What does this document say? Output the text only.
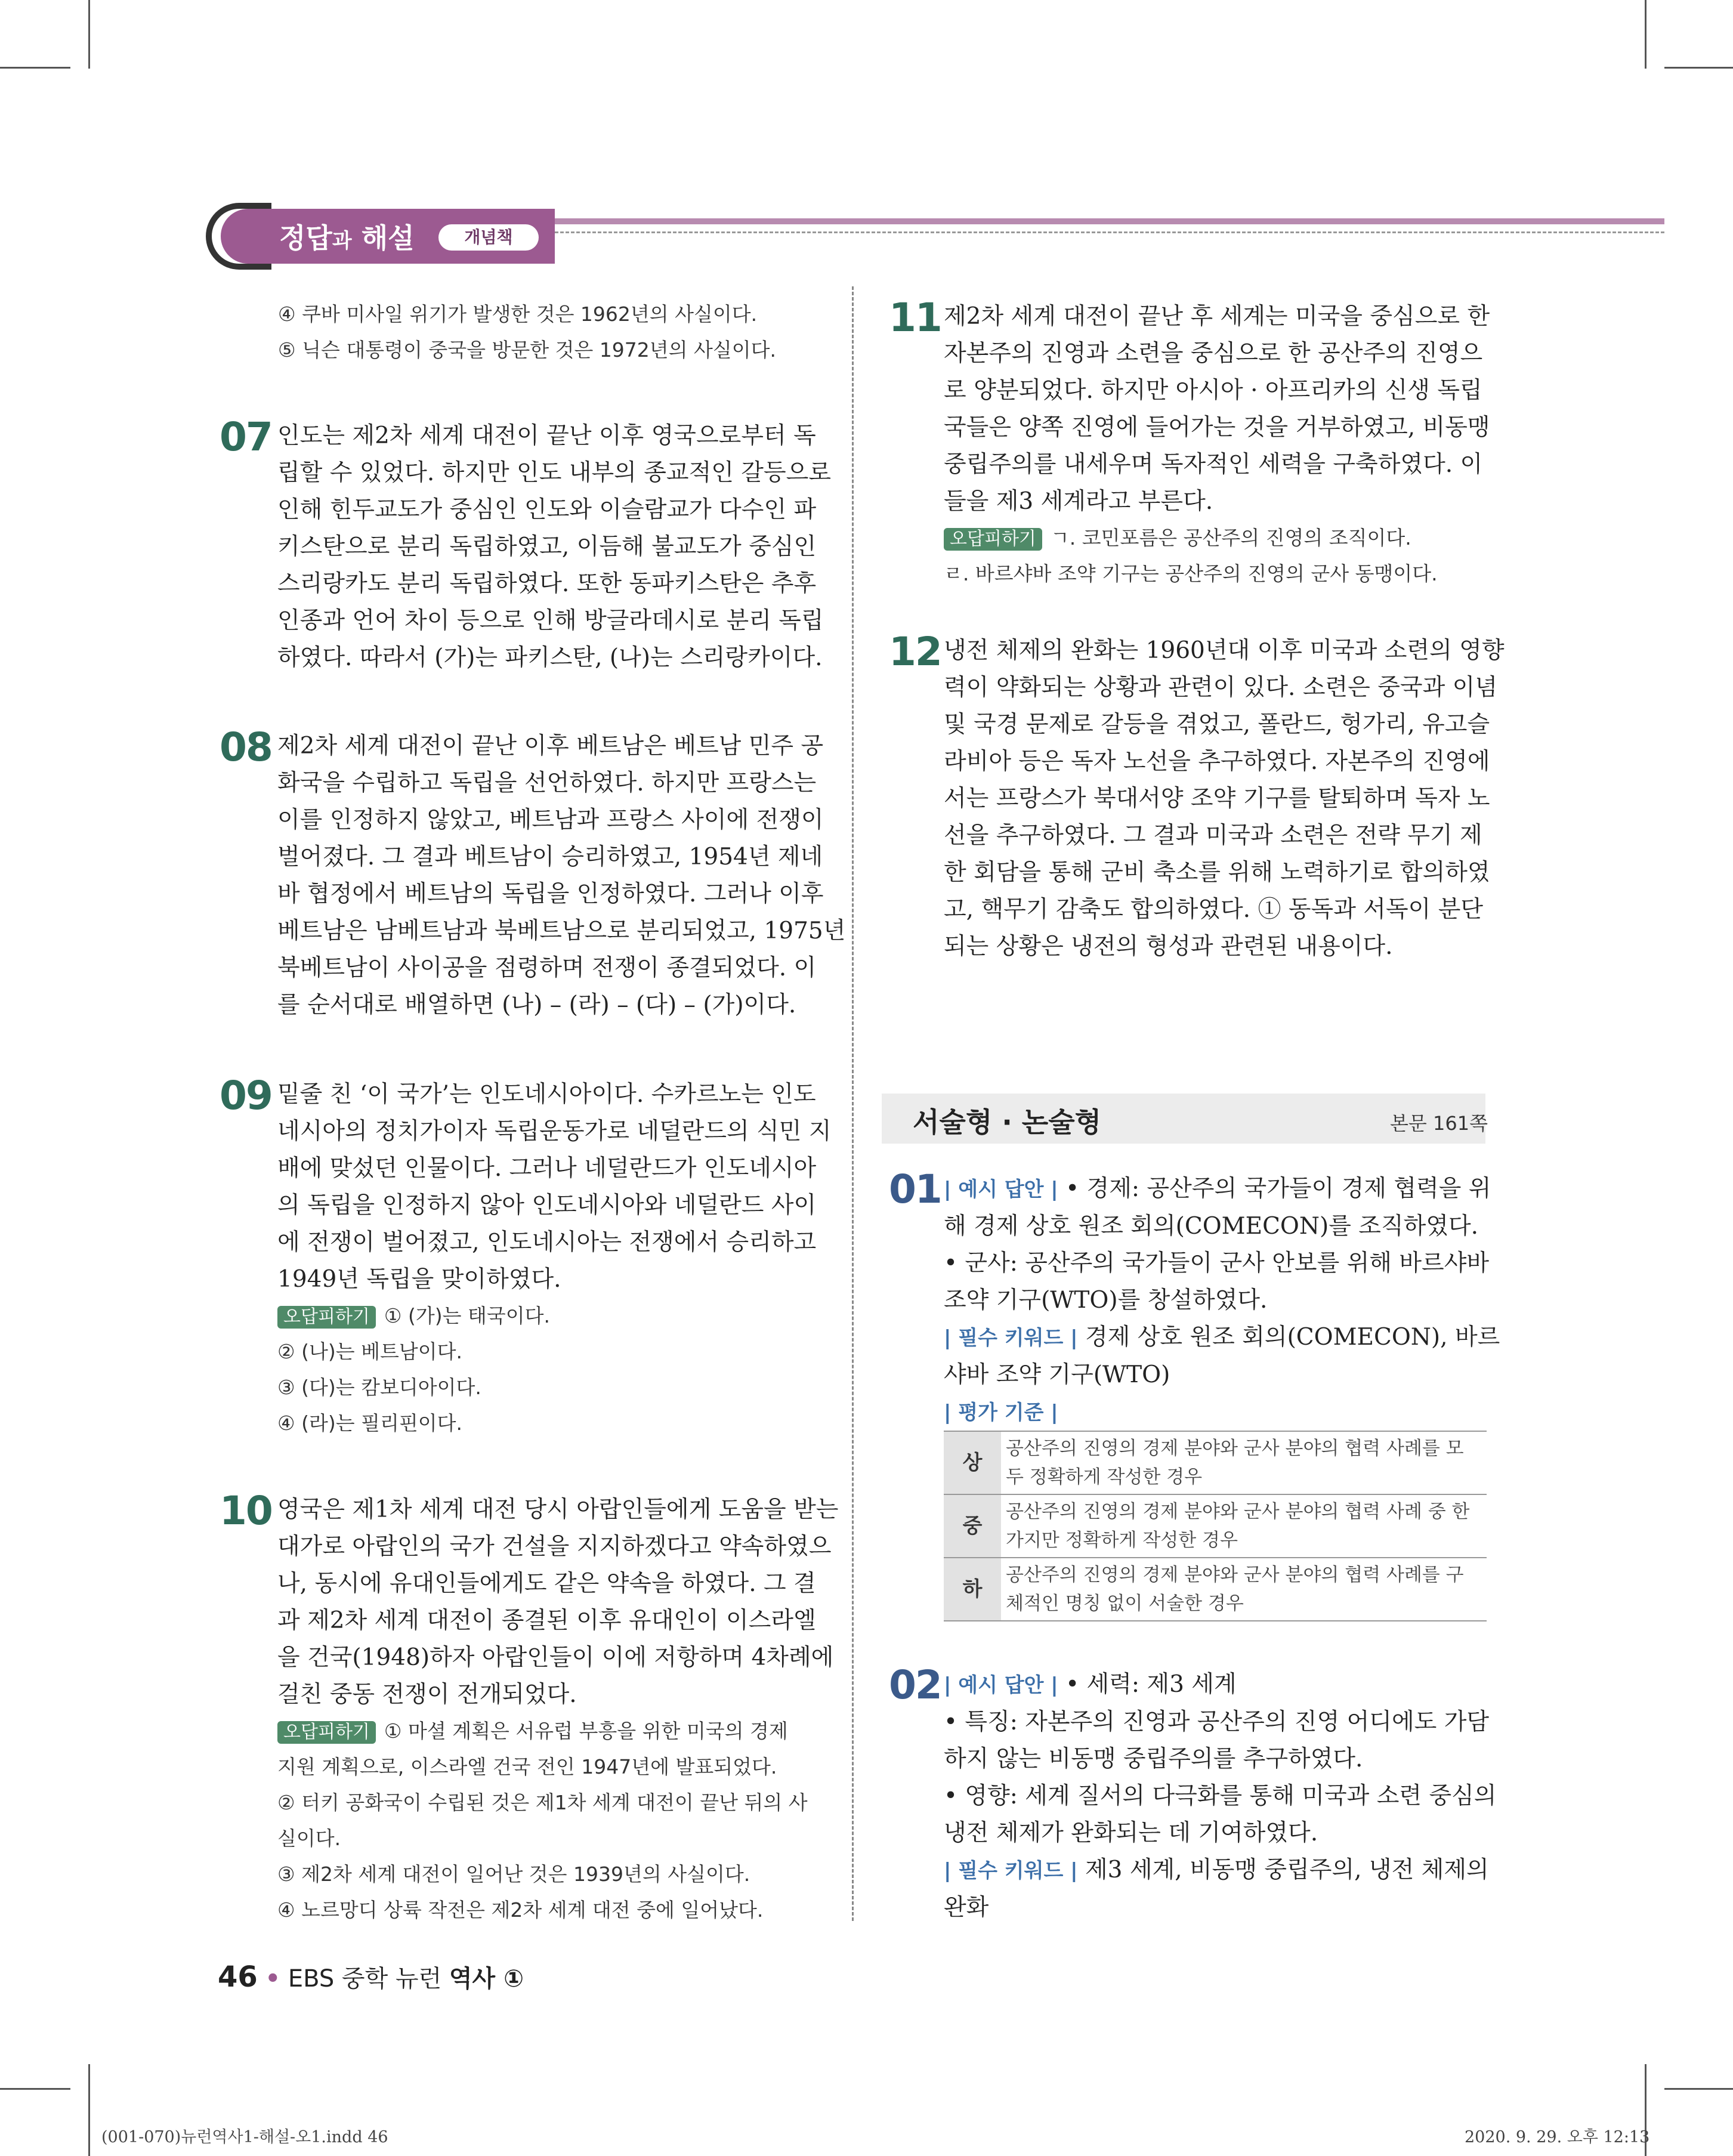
정답과 해설	개념책
④ 쿠바 미사일 위기가 발생한 것은 1962년의 사실이다.
⑤ 닉슨 대통령이 중국을 방문한 것은 1972년의 사실이다.
07 인도는 제2차 세계 대전이 끝난 이후 영국으로부터 독
립할 수 있었다. 하지만 인도 내부의 종교적인 갈등으로
인해 힌두교도가 중심인 인도와 이슬람교가 다수인 파
키스탄으로 분리 독립하였고, 이듬해 불교도가 중심인
스리랑카도 분리 독립하였다. 또한 동파키스탄은 추후
인종과 언어 차이 등으로 인해 방글라데시로 분리 독립
하였다. 따라서 (가)는 파키스탄, (나)는 스리랑카이다.
08 제2차 세계 대전이 끝난 이후 베트남은 베트남 민주 공
화국을 수립하고 독립을 선언하였다. 하지만 프랑스는
이를 인정하지 않았고, 베트남과 프랑스 사이에 전쟁이
벌어졌다. 그 결과 베트남이 승리하였고, 1954년 제네
바 협정에서 베트남의 독립을 인정하였다. 그러나 이후
베트남은 남베트남과 북베트남으로 분리되었고, 1975년
북베트남이 사이공을 점령하며 전쟁이 종결되었다. 이
를 순서대로 배열하면 (나) – (라) – (다) – (가)이다.
09 밑줄 친 ‘이 국가’는 인도네시아이다. 수카르노는 인도
네시아의 정치가이자 독립운동가로 네덜란드의 식민 지
배에 맞섰던 인물이다. 그러나 네덜란드가 인도네시아
의 독립을 인정하지 않아 인도네시아와 네덜란드 사이
에 전쟁이 벌어졌고, 인도네시아는 전쟁에서 승리하고
1949년 독립을 맞이하였다.
오답피하기 ① (가)는 태국이다.
② (나)는 베트남이다.
③ (다)는 캄보디아이다.
④ (라)는 필리핀이다.
10 영국은 제1차 세계 대전 당시 아랍인들에게 도움을 받는
대가로 아랍인의 국가 건설을 지지하겠다고 약속하였으
나, 동시에 유대인들에게도 같은 약속을 하였다. 그 결
과 제2차 세계 대전이 종결된 이후 유대인이 이스라엘
을 건국(1948)하자 아랍인들이 이에 저항하며 4차례에
걸친 중동 전쟁이 전개되었다.
오답피하기 ① 마셜 계획은 서유럽 부흥을 위한 미국의 경제
지원 계획으로, 이스라엘 건국 전인 1947년에 발표되었다.
② 터키 공화국이 수립된 것은 제1차 세계 대전이 끝난 뒤의 사
실이다.
③ 제2차 세계 대전이 일어난 것은 1939년의 사실이다.
④ 노르망디 상륙 작전은 제2차 세계 대전 중에 일어났다.
11 제2차 세계 대전이 끝난 후 세계는 미국을 중심으로 한
자본주의 진영과 소련을 중심으로 한 공산주의 진영으
로 양분되었다. 하지만 아시아 · 아프리카의 신생 독립
국들은 양쪽 진영에 들어가는 것을 거부하였고, 비동맹
중립주의를 내세우며 독자적인 세력을 구축하였다. 이
들을 제3 세계라고 부른다.
오답피하기 ㄱ. 코민포름은 공산주의 진영의 조직이다.
ㄹ. 바르샤바 조약 기구는 공산주의 진영의 군사 동맹이다.
12 냉전 체제의 완화는 1960년대 이후 미국과 소련의 영향
력이 약화되는 상황과 관련이 있다. 소련은 중국과 이념
및 국경 문제로 갈등을 겪었고, 폴란드, 헝가리, 유고슬
라비아 등은 독자 노선을 추구하였다. 자본주의 진영에
서는 프랑스가 북대서양 조약 기구를 탈퇴하며 독자 노
선을 추구하였다. 그 결과 미국과 소련은 전략 무기 제
한 회담을 통해 군비 축소를 위해 노력하기로 합의하였
고, 핵무기 감축도 합의하였다. ① 동독과 서독이 분단
되는 상황은 냉전의 형성과 관련된 내용이다.
서술형 · 논술형	본문 161쪽
01 | 예시 답안 | • 경제: 공산주의 국가들이 경제 협력을 위
해 경제 상호 원조 회의(COMECON)를 조직하였다.
• 군사: 공산주의 국가들이 군사 안보를 위해 바르샤바
조약 기구(WTO)를 창설하였다.
| 필수 키워드 | 경제 상호 원조 회의(COMECON), 바르
샤바 조약 기구(WTO)
| 평가 기준 |
상	공산주의 진영의 경제 분야와 군사 분야의 협력 사례를 모
두 정확하게 작성한 경우

중	공산주의 진영의 경제 분야와 군사 분야의 협력 사례 중 한
가지만 정확하게 작성한 경우

하	공산주의 진영의 경제 분야와 군사 분야의 협력 사례를 구
체적인 명칭 없이 서술한 경우
02 | 예시 답안 | • 세력: 제3 세계
• 특징: 자본주의 진영과 공산주의 진영 어디에도 가담
하지 않는 비동맹 중립주의를 추구하였다.
• 영향: 세계 질서의 다극화를 통해 미국과 소련 중심의
냉전 체제가 완화되는 데 기여하였다.
| 필수 키워드 | 제3 세계, 비동맹 중립주의, 냉전 체제의
완화
46 • EBS 중학 뉴런 역사 ①
(001-070)뉴런역사1-해설-오1.indd 46	2020. 9. 29. 오후 12:13
